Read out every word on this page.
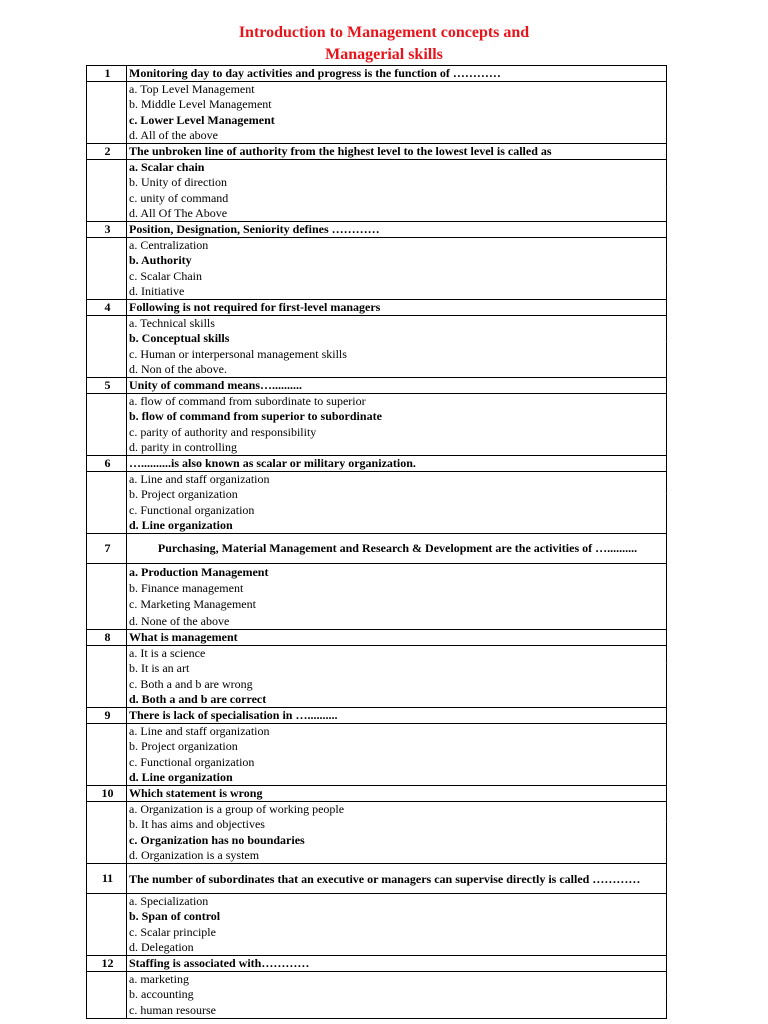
Introduction to Management concepts and
Managerial skills
1	Monitoring day to day activities and progress is the function of …………
	a. Top Level Management
	b. Middle Level Management
	c. Lower Level Management
	d. All of the above
2	The unbroken line of authority from the highest level to the lowest level is called as
	a. Scalar chain
	b. Unity of direction
	c. unity of command
	d. All Of The Above
3	Position, Designation, Seniority defines …………
	a. Centralization
	b. Authority
	c. Scalar Chain
	d. Initiative
4	Following is not required for first-level managers
	a. Technical skills
	b. Conceptual skills
	c. Human or interpersonal management skills
	d. Non of the above.
5	Unity of command means…..........
	a. flow of command from subordinate to superior
	b. flow of command from superior to subordinate
	c. parity of authority and responsibility
	d. parity in controlling
6	…..........is also known as scalar or military organization.
	a. Line and staff organization
	b. Project organization
	c. Functional organization
	d. Line organization
7	Purchasing, Material Management and Research & Development are the activities of …..........
	a. Production Management
	b. Finance management
	c. Marketing Management
	d. None of the above
8	What is management
	a. It is a science
	b. It is an art
	c. Both a and b are wrong
	d. Both a and b are correct
9	There is lack of specialisation in …..........
	a. Line and staff organization
	b. Project organization
	c. Functional organization
	d. Line organization
10	Which statement is wrong
	a. Organization is a group of working people
	b. It has aims and objectives
	c. Organization has no boundaries
	d. Organization is a system
11	The number of subordinates that an executive or managers can supervise directly is called …………
	a. Specialization
	b. Span of control
	c. Scalar principle
	d. Delegation
12	Staffing is associated with…………
	a. marketing
	b. accounting
	c. human resourse
`
`
`
`
`
`
`
